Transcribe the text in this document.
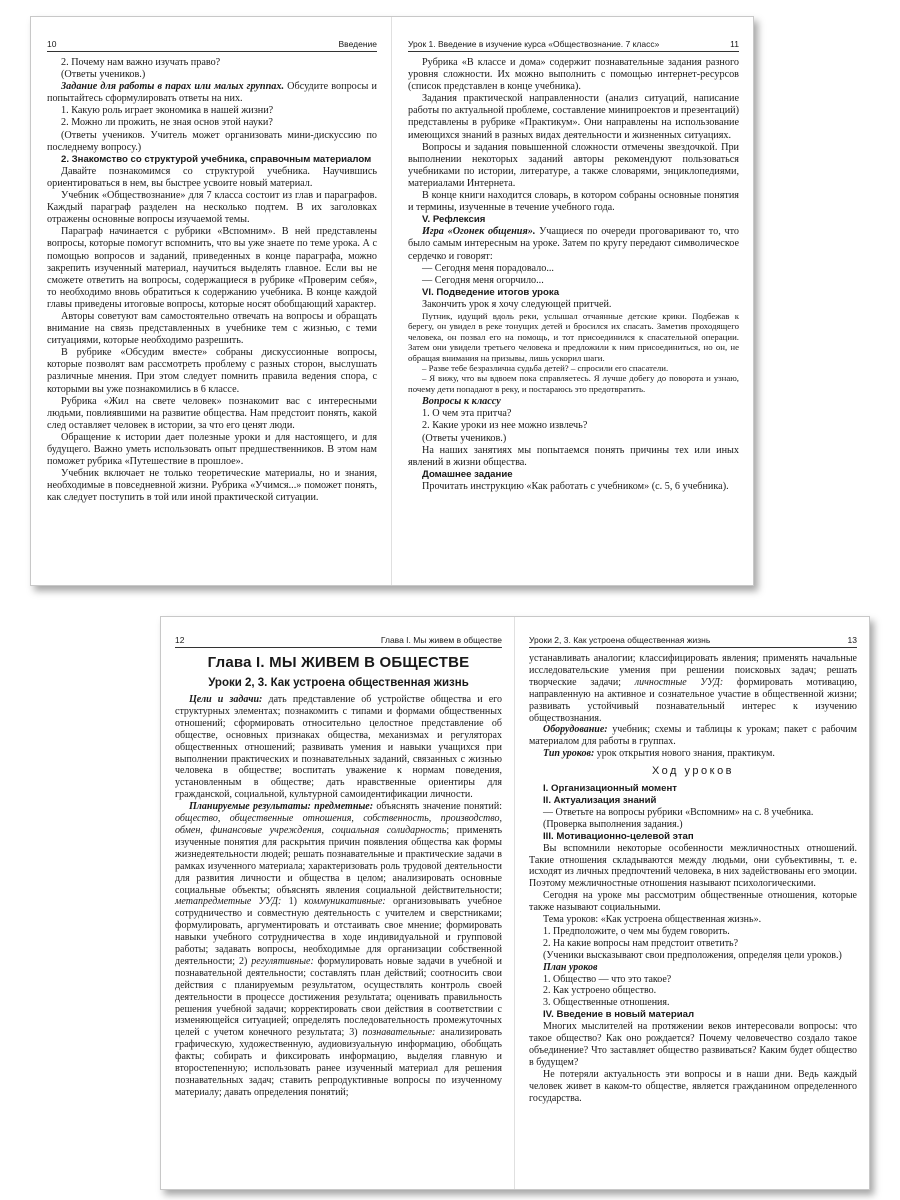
10	Введение

2. Почему нам важно изучать право?

(Ответы учеников.)

Задание для работы в парах или малых группах. Обсудите вопросы и попытайтесь сформулировать ответы на них.

1. Какую роль играет экономика в нашей жизни?

2. Можно ли прожить, не зная основ этой науки?

(Ответы учеников. Учитель может организовать мини-дискуссию по последнему вопросу.)

2. Знакомство со структурой учебника, справочным материалом

Давайте познакомимся со структурой учебника. Научившись ориентироваться в нем, вы быстрее усвоите новый материал.

Учебник «Обществознание» для 7 класса состоит из глав и параграфов. Каждый параграф разделен на несколько подтем. В их заголовках отражены основные вопросы изучаемой темы.

Параграф начинается с рубрики «Вспомним». В ней представлены вопросы, которые помогут вспомнить, что вы уже знаете по теме урока. А с помощью вопросов и заданий, приведенных в конце параграфа, можно закрепить изученный материал, научиться выделять главное. Если вы не сможете ответить на вопросы, содержащиеся в рубрике «Проверим себя», то необходимо вновь обратиться к содержанию учебника. В конце каждой главы приведены итоговые вопросы, которые носят обобщающий характер.

Авторы советуют вам самостоятельно отвечать на вопросы и обращать внимание на связь представленных в учебнике тем с жизнью, с теми ситуациями, которые необходимо разрешить.

В рубрике «Обсудим вместе» собраны дискуссионные вопросы, которые позволят вам рассмотреть проблему с разных сторон, выслушать различные мнения. При этом следует помнить правила ведения спора, с которыми вы уже познакомились в 6 классе.

Рубрика «Жил на свете человек» познакомит вас с интересными людьми, повлиявшими на развитие общества. Нам предстоит понять, какой след оставляет человек в истории, за что его ценят люди.

Обращение к истории дает полезные уроки и для настоящего, и для будущего. Важно уметь использовать опыт предшественников. В этом нам поможет рубрика «Путешествие в прошлое».

Учебник включает не только теоретические материалы, но и знания, необходимые в повседневной жизни. Рубрика «Учимся...» поможет понять, как следует поступить в той или иной практической ситуации.

Урок 1. Введение в изучение курса «Обществознание. 7 класс»	11

Рубрика «В классе и дома» содержит познавательные задания разного уровня сложности. Их можно выполнить с помощью интернет-ресурсов (список представлен в конце учебника).

Задания практической направленности (анализ ситуаций, написание работы по актуальной проблеме, составление минипроектов и презентаций) представлены в рубрике «Практикум». Они направлены на использование имеющихся знаний в разных видах деятельности и жизненных ситуациях.

Вопросы и задания повышенной сложности отмечены звездочкой. При выполнении некоторых заданий авторы рекомендуют пользоваться учебниками по истории, литературе, а также словарями, энциклопедиями, материалами Интернета.

В конце книги находится словарь, в котором собраны основные понятия и термины, изученные в течение учебного года.

V. Рефлексия

Игра «Огонек общения». Учащиеся по очереди проговаривают то, что было самым интересным на уроке. Затем по кругу передают символическое сердечко и говорят:

— Сегодня меня порадовало...

— Сегодня меня огорчило...

VI. Подведение итогов урока

Закончить урок я хочу следующей притчей.

Путник, идущий вдоль реки, услышал отчаянные детские крики. Подбежав к берегу, он увидел в реке тонущих детей и бросился их спасать. Заметив проходящего человека, он позвал его на помощь, и тот присоединился к спасательной операции. Затем они увидели третьего человека и предложили к ним присоединиться, но он, не обращая внимания на призывы, лишь ускорил шаги.

– Разве тебе безразлична судьба детей? – спросили его спасатели.

– Я вижу, что вы вдвоем пока справляетесь. Я лучше добегу до поворота и узнаю, почему дети попадают в реку, и постараюсь это предотвратить.

Вопросы к классу

1. О чем эта притча?

2. Какие уроки из нее можно извлечь?

(Ответы учеников.)

На наших занятиях мы попытаемся понять причины тех или иных явлений в жизни общества.

Домашнее задание

Прочитать инструкцию «Как работать с учебником» (с. 5, 6 учебника).

12	Глава I. Мы живем в обществе
Глава I. МЫ ЖИВЕМ В ОБЩЕСТВЕ
Уроки 2, 3. Как устроена общественная жизнь

Цели и задачи: дать представление об устройстве общества и его структурных элементах; познакомить с типами и формами общественных отношений; сформировать относительно целостное представление об обществе, основных признаках общества, механизмах и регуляторах общественных отношений; развивать умения и навыки учащихся при выполнении практических и познавательных заданий, связанных с жизнью человека в обществе; воспитать уважение к нормам поведения, установленным в обществе; дать нравственные ориентиры для гражданской, социальной, культурной самоидентификации личности.

Планируемые результаты: предметные: объяснять значение понятий: общество, общественные отношения, собственность, производство, обмен, финансовые учреждения, социальная солидарность; применять изученные понятия для раскрытия причин появления общества как формы жизнедеятельности людей; решать познавательные и практические задачи в рамках изученного материала; характеризовать роль трудовой деятельности для развития личности и общества в целом; анализировать основные социальные объекты; объяснять явления социальной действительности; метапредметные УУД: 1) коммуникативные: организовывать учебное сотрудничество и совместную деятельность с учителем и сверстниками; формулировать, аргументировать и отстаивать свое мнение; формировать навыки учебного сотрудничества в ходе индивидуальной и групповой работы; задавать вопросы, необходимые для организации собственной деятельности; 2) регулятивные: формулировать новые задачи в учебной и познавательной деятельности; составлять план действий; соотносить свои действия с планируемым результатом, осуществлять контроль своей деятельности в процессе достижения результата; оценивать правильность решения учебной задачи; корректировать свои действия в соответствии с изменяющейся ситуацией; определять последовательность промежуточных целей с учетом конечного результата; 3) познавательные: анализировать графическую, художественную, аудиовизуальную информацию, обобщать факты; собирать и фиксировать информацию, выделяя главную и второстепенную; использовать ранее изученный материал для решения познавательных задач; ставить репродуктивные вопросы по изученному материалу; давать определения понятий;

Уроки 2, 3. Как устроена общественная жизнь	13

устанавливать аналогии; классифицировать явления; применять начальные исследовательские умения при решении поисковых задач; решать творческие задачи; личностные УУД: формировать мотивацию, направленную на активное и сознательное участие в общественной жизни; развивать устойчивый познавательный интерес к изучению обществознания.

Оборудование: учебник; схемы и таблицы к урокам; пакет с рабочим материалом для работы в группах.

Тип уроков: урок открытия нового знания, практикум.

Ход уроков

I. Организационный момент

II. Актуализация знаний

— Ответьте на вопросы рубрики «Вспомним» на с. 8 учебника.

(Проверка выполнения задания.)

III. Мотивационно-целевой этап

Вы вспомнили некоторые особенности межличностных отношений. Такие отношения складываются между людьми, они субъективны, т. е. исходят из личных предпочтений человека, в них задействованы его эмоции. Поэтому межличностные отношения называют психологическими.

Сегодня на уроке мы рассмотрим общественные отношения, которые также называют социальными.

Тема уроков: «Как устроена общественная жизнь».

1. Предположите, о чем мы будем говорить.

2. На какие вопросы нам предстоит ответить?

(Ученики высказывают свои предположения, определяя цели уроков.)

План уроков

1. Общество — что это такое?

2. Как устроено общество.

3. Общественные отношения.

IV. Введение в новый материал

Многих мыслителей на протяжении веков интересовали вопросы: что такое общество? Как оно рождается? Почему человечество создало такое объединение? Что заставляет общество развиваться? Каким будет общество в будущем?

Не потеряли актуальность эти вопросы и в наши дни. Ведь каждый человек живет в каком-то обществе, является гражданином определенного государства.
